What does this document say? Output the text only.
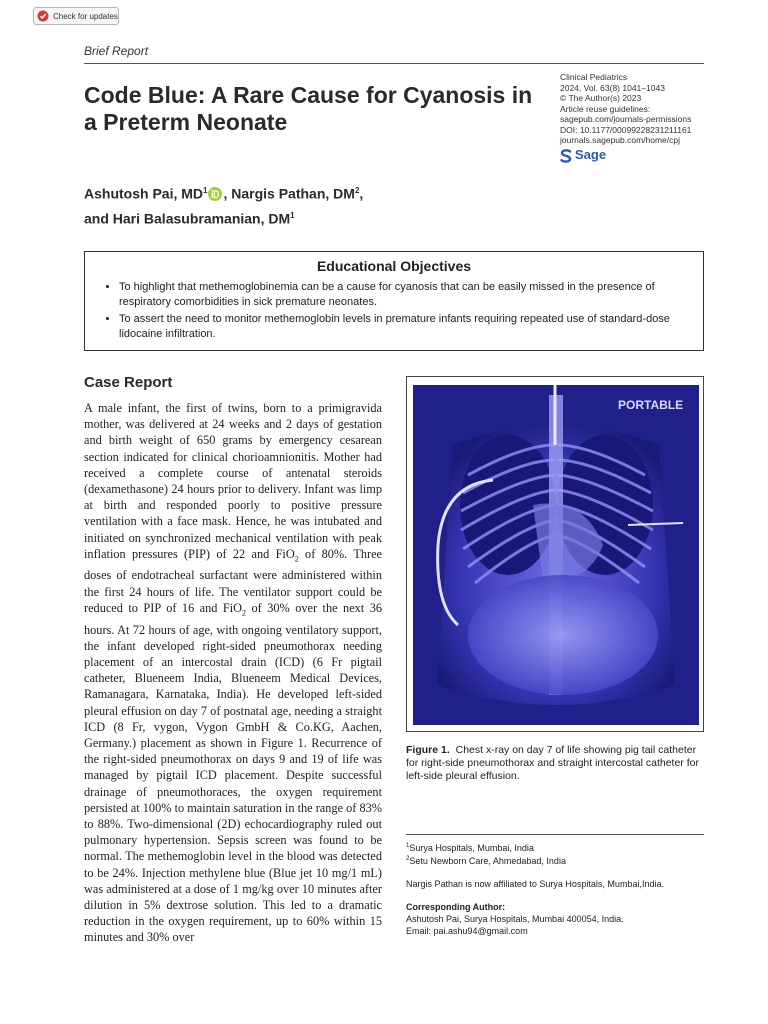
Check for updates
Brief Report
Code Blue: A Rare Cause for Cyanosis in a Preterm Neonate
Clinical Pediatrics
2024, Vol. 63(8) 1041–1043
© The Author(s) 2023
Article reuse guidelines:
sagepub.com/journals-permissions
DOI: 10.1177/00099228231211161
journals.sagepub.com/home/cpj
Sage
Ashutosh Pai, $MD^1$ , Nargis Pathan, $DM^2$,
and Hari Balasubramanian, $DM^1$
Educational Objectives
• To highlight that methemoglobinemia can be a cause for cyanosis that can be easily missed in the presence of respiratory comorbidities in sick premature neonates.
• To assert the need to monitor methemoglobin levels in premature infants requiring repeated use of standard-dose lidocaine infiltration.
Case Report

A male infant, the first of twins, born to a primigravida mother, was delivered at 24 weeks and 2 days of gestation and birth weight of 650 grams by emergency cesarean section indicated for clinical chorioamnionitis. Mother had received a complete course of antenatal steroids (dexamethasone) 24 hours prior to delivery. Infant was limp at birth and responded poorly to positive pressure ventilation with a face mask. Hence, he was intubated and initiated on synchronized mechanical ventilation with peak inflation pressures (PIP) of 22 and FiO$_2$ of 80%. Three doses of endotracheal surfactant were administered within the first 24 hours of life. The ventilator support could be reduced to PIP of 16 and FiO$_2$ of 30% over the next 36 hours. At 72 hours of age, with ongoing ventilatory support, the infant developed right-sided pneumothorax needing placement of an intercostal drain (ICD) (6 Fr pigtail catheter, Blueneem India, Blueneem Medical Devices, Ramanagara, Karnataka, India). He developed left-sided pleural effusion on day 7 of postnatal age, needing a straight ICD (8 Fr, vygon, Vygon GmbH & Co.KG, Aachen, Germany.) placement as shown in Figure 1. Recurrence of the right-sided pneumothorax on days 9 and 19 of life was managed by pigtail ICD placement. Despite successful drainage of pneumothoraces, the oxygen requirement persisted at 100% to maintain saturation in the range of 83% to 88%. Two-dimensional (2D) echocardiography ruled out pulmonary hypertension. Sepsis screen was found to be normal. The methemoglobin level in the blood was detected to be 24%. Injection methylene blue (Blue jet 10 mg/1 mL) was administered at a dose of 1 mg/kg over 10 minutes after dilution in 5% dextrose solution. This led to a dramatic reduction in the oxygen requirement, up to 60% within 15 minutes and 30% over

PORTABLE
Figure 1. Chest x-ray on day 7 of life showing pig tail catheter for right-side pneumothorax and straight intercostal catheter for left-side pleural effusion.
$^1$Surya Hospitals, Mumbai, India
$^2$Setu Newborn Care, Ahmedabad, India
Nargis Pathan is now affiliated to Surya Hospitals, Mumbai,India.
Corresponding Author:
Ashutosh Pai, Surya Hospitals, Mumbai 400054, India.
Email: pai.ashu94@gmail.com
